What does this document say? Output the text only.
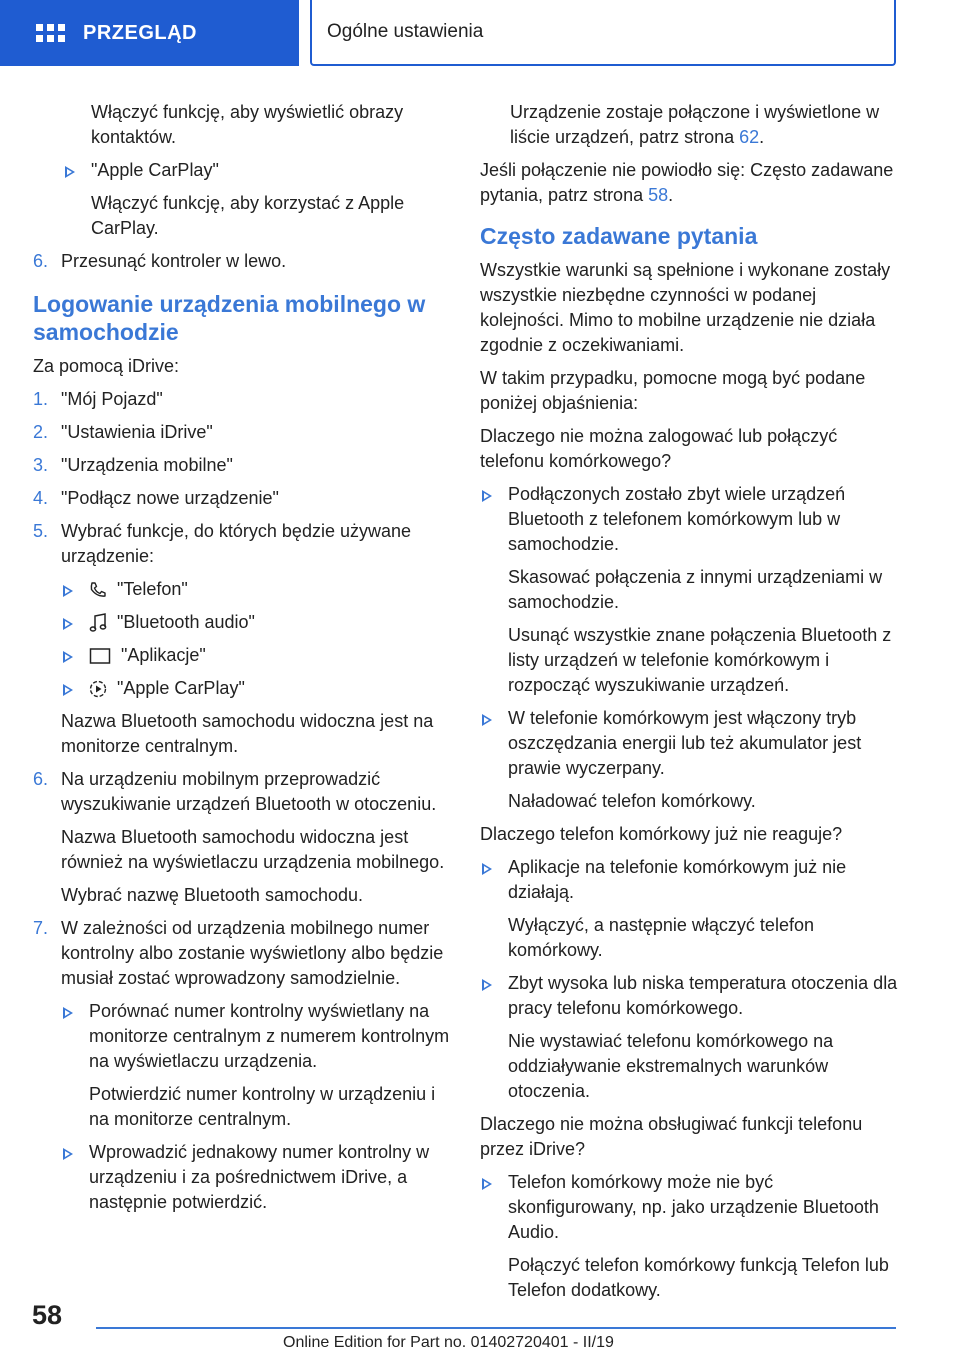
PRZEGLĄD	Ogólne ustawienia

Włączyć funkcję, aby wyświetlić obrazy kontaktów.

"Apple CarPlay"

Włączyć funkcję, aby korzystać z Apple CarPlay.

6. Przesunąć kontroler w lewo.
Logowanie urządzenia mobilnego w samochodzie

Za pomocą iDrive:

1. "Mój Pojazd"
2. "Ustawienia iDrive"
3. "Urządzenia mobilne"
4. "Podłącz nowe urządzenie"
5. Wybrać funkcje, do których będzie używane urządzenie:
"Telefon"
"Bluetooth audio"
"Aplikacje"
"Apple CarPlay"

Nazwa Bluetooth samochodu widoczna jest na monitorze centralnym.

6. Na urządzeniu mobilnym przeprowadzić wyszukiwanie urządzeń Bluetooth w otoczeniu.

Nazwa Bluetooth samochodu widoczna jest również na wyświetlaczu urządzenia mobilnego.

Wybrać nazwę Bluetooth samochodu.

7. W zależności od urządzenia mobilnego numer kontrolny albo zostanie wyświetlony albo będzie musiał zostać wprowadzony samodzielnie.
Porównać numer kontrolny wyświetlany na monitorze centralnym z numerem kontrolnym na wyświetlaczu urządzenia.

Potwierdzić numer kontrolny w urządzeniu i na monitorze centralnym.

Wprowadzić jednakowy numer kontrolny w urządzeniu i za pośrednictwem iDrive, a następnie potwierdzić.

Urządzenie zostaje połączone i wyświetlone w liście urządzeń, patrz strona 62.

Jeśli połączenie nie powiodło się: Często zadawane pytania, patrz strona 58.

Często zadawane pytania

Wszystkie warunki są spełnione i wykonane zostały wszystkie niezbędne czynności w podanej kolejności. Mimo to mobilne urządzenie nie działa zgodnie z oczekiwaniami.

W takim przypadku, pomocne mogą być podane poniżej objaśnienia:

Dlaczego nie można zalogować lub połączyć telefonu komórkowego?

Podłączonych zostało zbyt wiele urządzeń Bluetooth z telefonem komórkowym lub w samochodzie.

Skasować połączenia z innymi urządzeniami w samochodzie.

Usunąć wszystkie znane połączenia Bluetooth z listy urządzeń w telefonie komórkowym i rozpocząć wyszukiwanie urządzeń.

W telefonie komórkowym jest włączony tryb oszczędzania energii lub też akumulator jest prawie wyczerpany.

Naładować telefon komórkowy.

Dlaczego telefon komórkowy już nie reaguje?

Aplikacje na telefonie komórkowym już nie działają.

Wyłączyć, a następnie włączyć telefon komórkowy.

Zbyt wysoka lub niska temperatura otoczenia dla pracy telefonu komórkowego.

Nie wystawiać telefonu komórkowego na oddziaływanie ekstremalnych warunków otoczenia.

Dlaczego nie można obsługiwać funkcji telefonu przez iDrive?

Telefon komórkowy może nie być skonfigurowany, np. jako urządzenie Bluetooth Audio.

Połączyć telefon komórkowy funkcją Telefon lub Telefon dodatkowy.

58
Online Edition for Part no. 01402720401 - II/19
